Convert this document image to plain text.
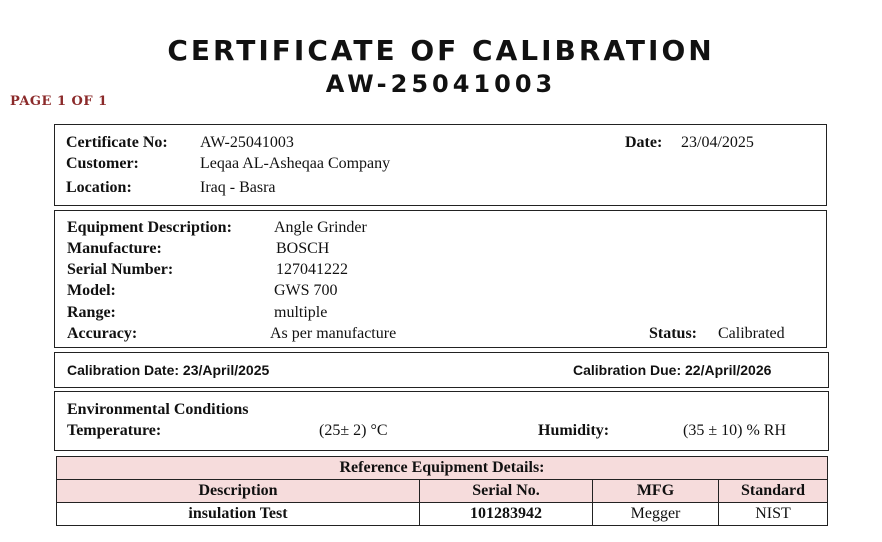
CERTIFICATE OF CALIBRATION
AW-25041003
PAGE 1 OF 1
Certificate No: AW-25041003
Customer:	Leqaa AL-Asheqaa Company
Location:	Iraq - Basra
Date: 23/04/2025
Equipment Description:	Angle Grinder
Manufacture:	BOSCH
Serial Number:	127041222
Model:	GWS 700
Range:	multiple
Accuracy:	As per manufacture	Status: Calibrated
Calibration Date: 23/April/2025	Calibration Due: 22/April/2026
Environmental Conditions
Temperature:	(25± 2) °C	Humidity:	(35 ± 10) % RH
Reference Equipment Details:			
Description	Serial No.	MFG	Standard
insulation Test	101283942	Megger	NIST
